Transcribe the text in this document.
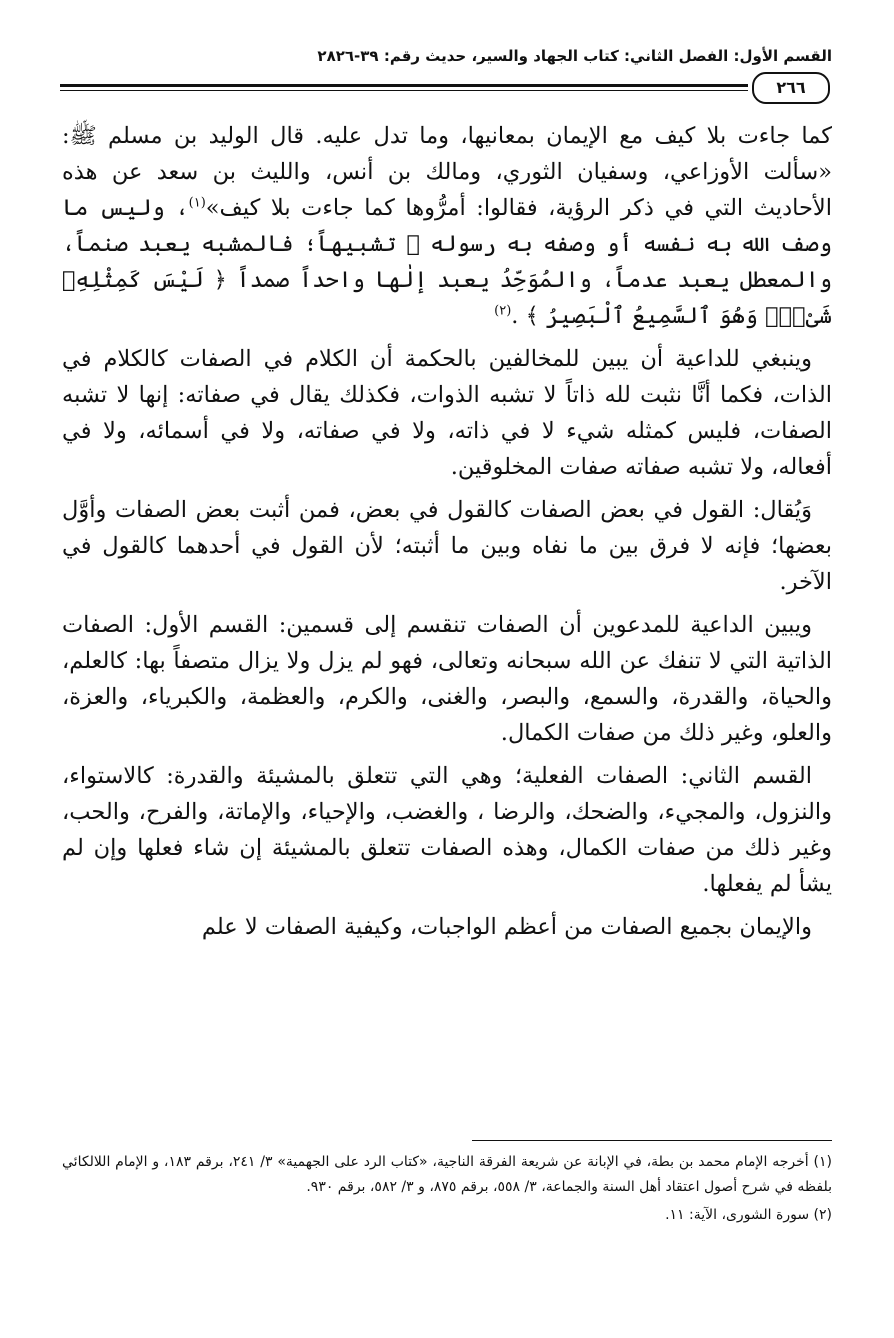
القسم الأول: الفصل الثاني: كتاب الجهاد والسير، حديث رقم: ٣٩-٢٨٢٦
٢٦٦

كما جاءت بلا كيف مع الإيمان بمعانيها، وما تدل عليه. قال الوليد بن مسلم ﷺ: «سألت الأوزاعي، وسفيان الثوري، ومالك بن أنس، والليث بن سعد عن هذه الأحاديث التي في ذكر الرؤية، فقالوا: أمرُّوها كما جاءت بلا كيف»$^{(١)}$، وليس ما وصف الله به نفسه أو وصفه به رسوله ﷺ تشبيهاً؛ فالمشبه يعبد صنماً، والمعطل يعبد عدماً، والمُوَحِّدُ يعبد إلٰها واحداً صمداً ﴿ لَيْسَ كَمِثْلِهِۦ شَىْءٌۖ وَهُوَ ٱلسَّمِيعُ ٱلْبَصِيرُ ﴾ .$^{(٢)}$

وينبغي للداعية أن يبين للمخالفين بالحكمة أن الكلام في الصفات كالكلام في الذات، فكما أنَّا نثبت لله ذاتاً لا تشبه الذوات، فكذلك يقال في صفاته: إنها لا تشبه الصفات، فليس كمثله شيء لا في ذاته، ولا في صفاته، ولا في أسمائه، ولا في أفعاله، ولا تشبه صفاته صفات المخلوقين.

وَيُقال: القول في بعض الصفات كالقول في بعض، فمن أثبت بعض الصفات وأوَّل بعضها؛ فإنه لا فرق بين ما نفاه وبين ما أثبته؛ لأن القول في أحدهما كالقول في الآخر.

ويبين الداعية للمدعوين أن الصفات تنقسم إلى قسمين: القسم الأول: الصفات الذاتية التي لا تنفك عن الله سبحانه وتعالى، فهو لم يزل ولا يزال متصفاً بها: كالعلم، والحياة، والقدرة، والسمع، والبصر، والغنى، والكرم، والعظمة، والكبرياء، والعزة، والعلو، وغير ذلك من صفات الكمال.

القسم الثاني: الصفات الفعلية؛ وهي التي تتعلق بالمشيئة والقدرة: كالاستواء، والنزول، والمجيء، والضحك، والرضا ، والغضب، والإحياء، والإماتة، والفرح، والحب، وغير ذلك من صفات الكمال، وهذه الصفات تتعلق بالمشيئة إن شاء فعلها وإن لم يشأ لم يفعلها.

والإيمان بجميع الصفات من أعظم الواجبات، وكيفية الصفات لا علم

(١) أخرجه الإمام محمد بن بطة، في الإبانة عن شريعة الفرقة الناجية، «كتاب الرد على الجهمية» ٣/ ٢٤١، برقم ١٨٣، و الإمام اللالكائي بلفظه في شرح أصول اعتقاد أهل السنة والجماعة، ٣/ ٥٥٨، برقم ٨٧٥، و ٣/ ٥٨٢، برقم ٩٣٠.

(٢) سورة الشورى، الآية: ١١.
